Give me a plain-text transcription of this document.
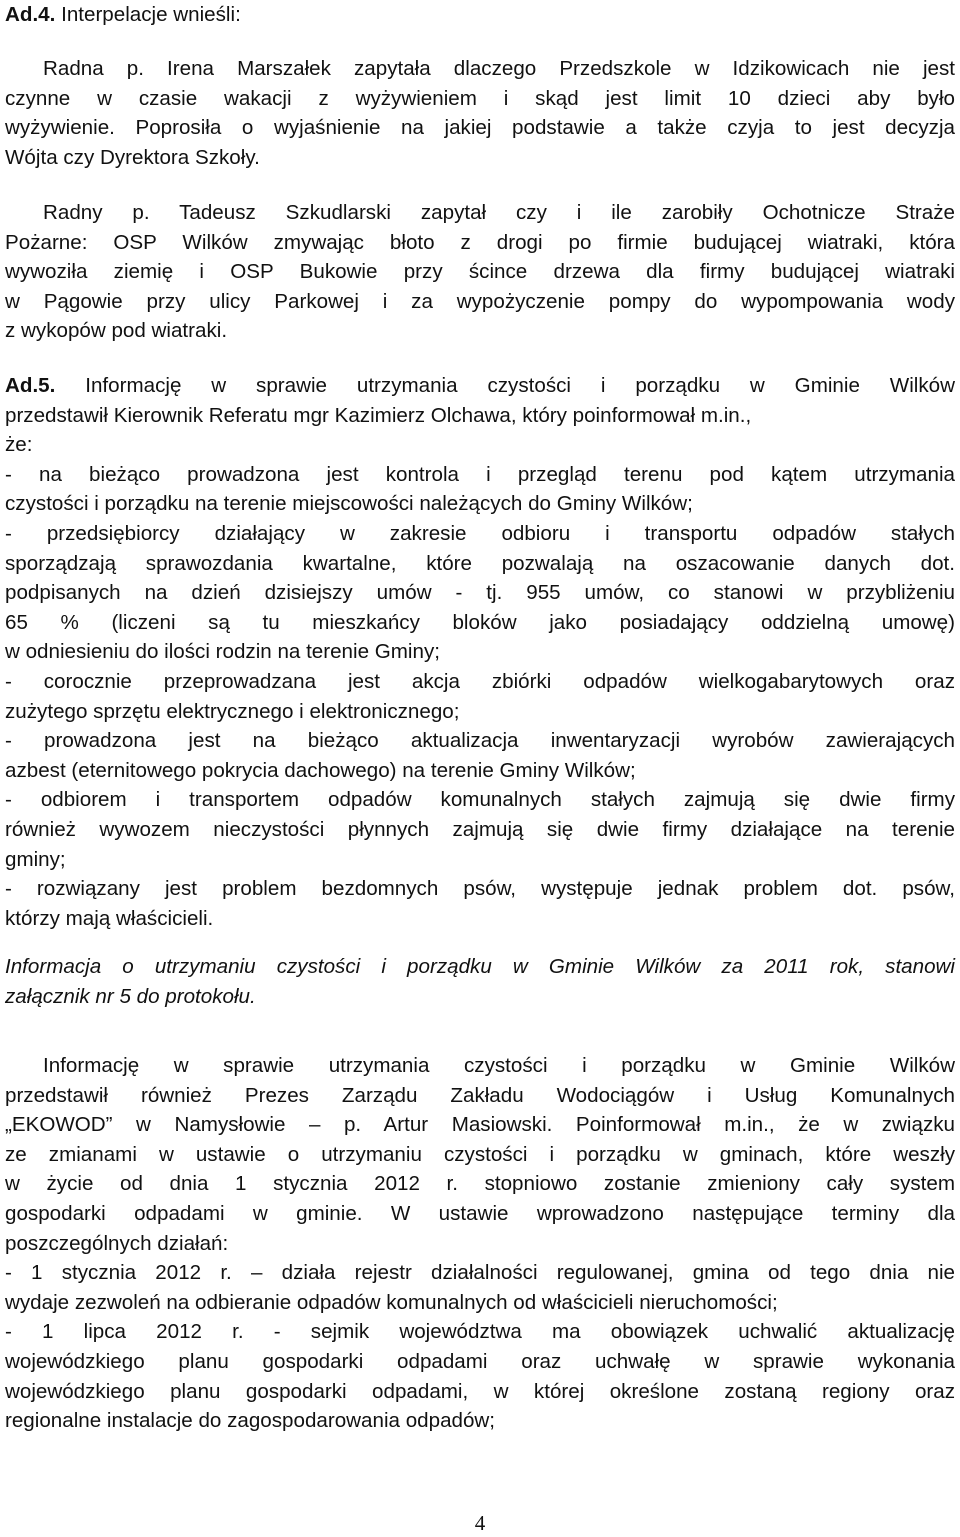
Ad.4. Interpelacje wnieśli:
Radna p. Irena Marszałek zapytała dlaczego Przedszkole w Idzikowicach nie jest
czynne w czasie wakacji z wyżywieniem i skąd jest limit 10 dzieci aby było
wyżywienie. Poprosiła o wyjaśnienie na jakiej podstawie a także czyja to jest decyzja
Wójta czy Dyrektora Szkoły.
Radny p. Tadeusz Szkudlarski zapytał czy i ile zarobiły Ochotnicze Straże
Pożarne: OSP Wilków zmywając błoto z drogi po firmie budującej wiatraki, która
wywoziła ziemię i OSP Bukowie przy ścince drzewa dla firmy budującej wiatraki
w Pągowie przy ulicy Parkowej i za wypożyczenie pompy do wypompowania wody
z wykopów pod wiatraki.
Ad.5. Informację w sprawie utrzymania czystości i porządku w Gminie Wilków
przedstawił Kierownik Referatu mgr Kazimierz Olchawa, który poinformował m.in.,
że:
- na bieżąco prowadzona jest kontrola i przegląd terenu pod kątem utrzymania
czystości i porządku na terenie miejscowości należących do Gminy Wilków;
- przedsiębiorcy działający w zakresie odbioru i transportu odpadów stałych
sporządzają sprawozdania kwartalne, które pozwalają na oszacowanie danych dot.
podpisanych na dzień dzisiejszy umów - tj. 955 umów, co stanowi w przybliżeniu
65 % (liczeni są tu mieszkańcy bloków jako posiadający oddzielną umowę)
w odniesieniu do ilości rodzin na terenie Gminy;
- corocznie przeprowadzana jest akcja zbiórki odpadów wielkogabarytowych oraz
zużytego sprzętu elektrycznego i elektronicznego;
- prowadzona jest na bieżąco aktualizacja inwentaryzacji wyrobów zawierających
azbest (eternitowego pokrycia dachowego) na terenie Gminy Wilków;
- odbiorem i transportem odpadów komunalnych stałych zajmują się dwie firmy
również wywozem nieczystości płynnych zajmują się dwie firmy działające na terenie
gminy;
- rozwiązany jest problem bezdomnych psów, występuje jednak problem dot. psów,
którzy mają właścicieli.
Informacja o utrzymaniu czystości i porządku w Gminie Wilków za 2011 rok, stanowi
załącznik nr 5 do protokołu.
Informację w sprawie utrzymania czystości i porządku w Gminie Wilków
przedstawił również Prezes Zarządu Zakładu Wodociągów i Usług Komunalnych
„EKOWOD” w Namysłowie – p. Artur Masiowski. Poinformował m.in., że w związku
ze zmianami w ustawie o utrzymaniu czystości i porządku w gminach, które weszły
w życie od dnia 1 stycznia 2012 r. stopniowo zostanie zmieniony cały system
gospodarki odpadami w gminie. W ustawie wprowadzono następujące terminy dla
poszczególnych działań:
- 1 stycznia 2012 r. – działa rejestr działalności regulowanej, gmina od tego dnia nie
wydaje zezwoleń na odbieranie odpadów komunalnych od właścicieli nieruchomości;
- 1 lipca 2012 r. - sejmik województwa ma obowiązek uchwalić aktualizację
wojewódzkiego planu gospodarki odpadami oraz uchwałę w sprawie wykonania
wojewódzkiego planu gospodarki odpadami, w której określone zostaną regiony oraz
regionalne instalacje do zagospodarowania odpadów;
4
